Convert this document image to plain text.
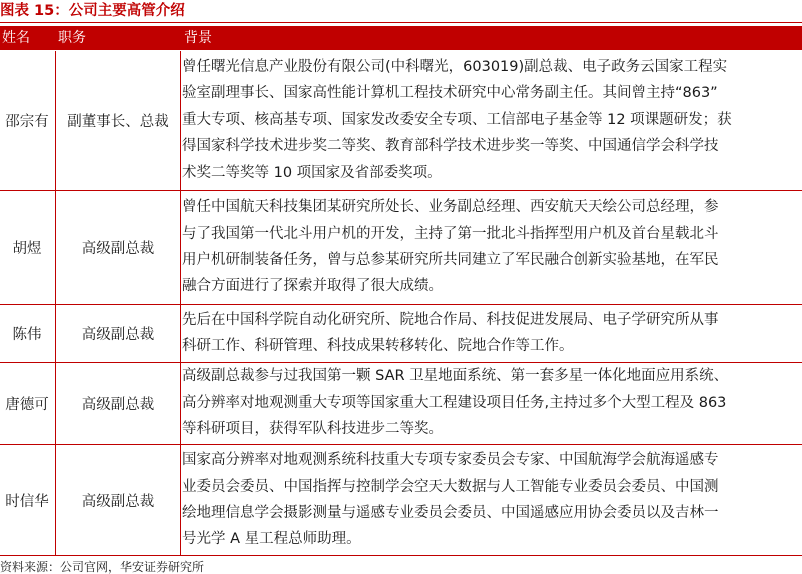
图表 15：公司主要高管介绍
姓名 职务	背景
邵宗有	副董事长、总裁
曾任曙光信息产业股份有限公司(中科曙光，603019)副总裁、电子政务云国家工程实
验室副理事长、国家高性能计算机工程技术研究中心常务副主任。其间曾主持“863”
重大专项、核高基专项、国家发改委安全专项、工信部电子基金等 12 项课题研发；获
得国家科学技术进步奖二等奖、教育部科学技术进步奖一等奖、中国通信学会科学技
术奖二等奖等 10 项国家及省部委奖项。
胡煜	高级副总裁
曾任中国航天科技集团某研究所处长、业务副总经理、西安航天天绘公司总经理，参
与了我国第一代北斗用户机的开发，主持了第一批北斗指挥型用户机及首台星载北斗
用户机研制装备任务，曾与总参某研究所共同建立了军民融合创新实验基地，在军民
融合方面进行了探索并取得了很大成绩。
陈伟	高级副总裁
先后在中国科学院自动化研究所、院地合作局、科技促进发展局、电子学研究所从事
科研工作、科研管理、科技成果转移转化、院地合作等工作。
唐德可	高级副总裁
高级副总裁参与过我国第一颗 SAR 卫星地面系统、第一套多星一体化地面应用系统、
高分辨率对地观测重大专项等国家重大工程建设项目任务,主持过多个大型工程及 863
等科研项目，获得军队科技进步二等奖。
时信华	高级副总裁
国家高分辨率对地观测系统科技重大专项专家委员会专家、中国航海学会航海遥感专
业委员会委员、中国指挥与控制学会空天大数据与人工智能专业委员会委员、中国测
绘地理信息学会摄影测量与遥感专业委员会委员、中国遥感应用协会委员以及吉林一
号光学 A 星工程总师助理。
资料来源：公司官网，华安证券研究所
